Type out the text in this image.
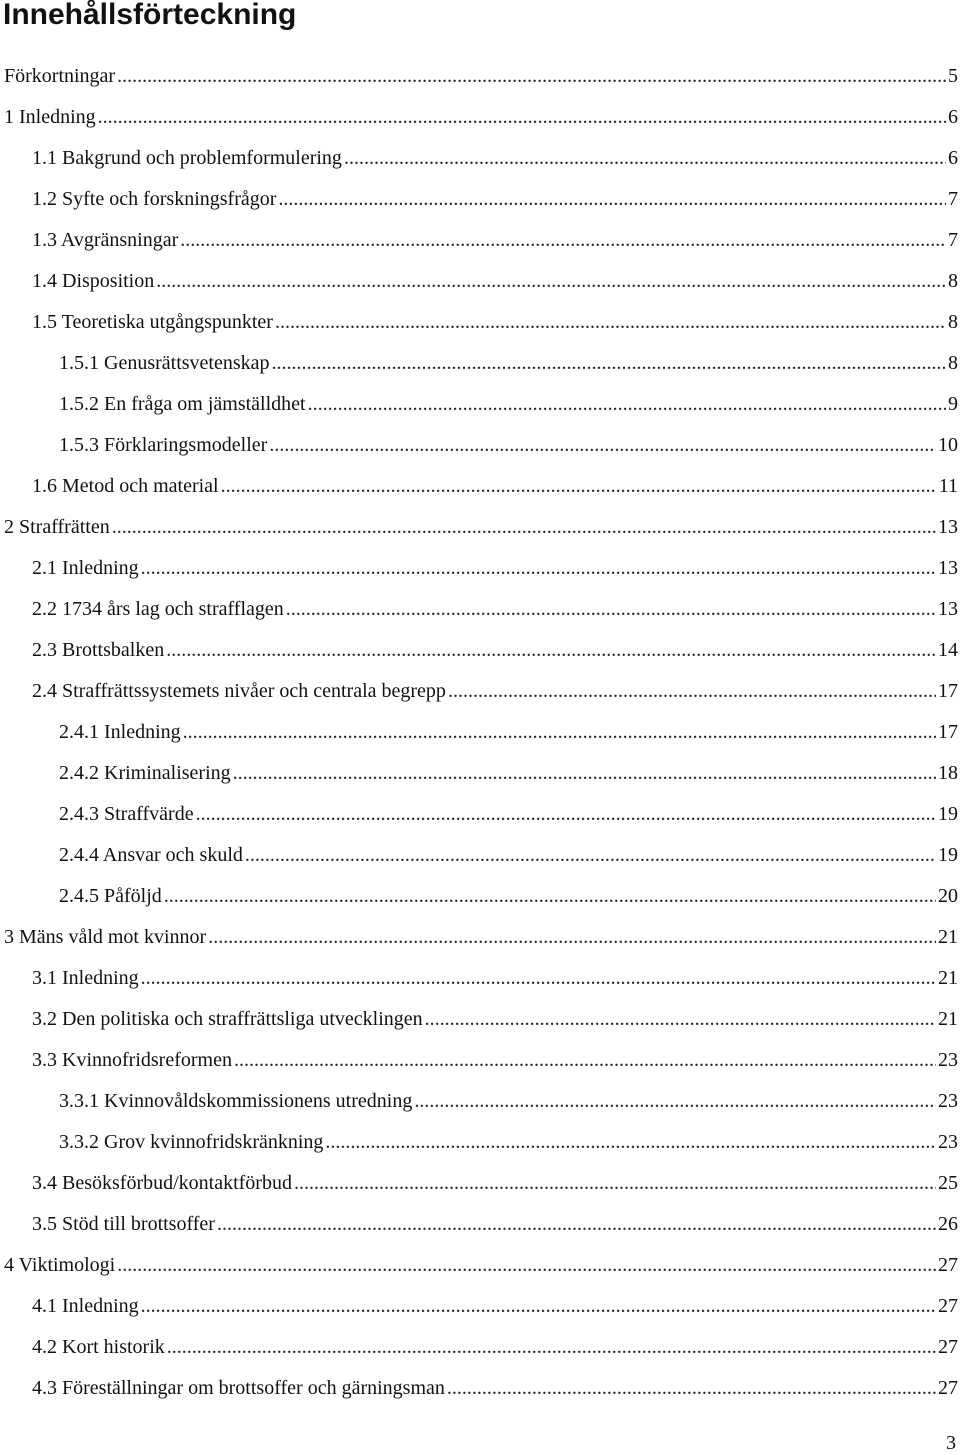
Innehållsförteckning
Förkortningar .....	5
1 Inledning .....	6
1.1 Bakgrund och problemformulering .....	6
1.2 Syfte och forskningsfrågor .....	7
1.3 Avgränsningar .....	7
1.4 Disposition .....	8
1.5 Teoretiska utgångspunkter .....	8
1.5.1 Genusrättsvetenskap .....	8
1.5.2 En fråga om jämställdhet .....	9
1.5.3 Förklaringsmodeller .....	10
1.6 Metod och material .....	11
2 Straffrätten .....	13
2.1 Inledning .....	13
2.2 1734 års lag och strafflagen .....	13
2.3 Brottsbalken .....	14
2.4 Straffrättssystemets nivåer och centrala begrepp .....	17
2.4.1 Inledning .....	17
2.4.2 Kriminalisering .....	18
2.4.3 Straffvärde .....	19
2.4.4 Ansvar och skuld .....	19
2.4.5 Påföljd .....	20
3 Mäns våld mot kvinnor .....	21
3.1 Inledning .....	21
3.2 Den politiska och straffrättsliga utvecklingen .....	21
3.3 Kvinnofridsreformen .....	23
3.3.1 Kvinnovåldskommissionens utredning .....	23
3.3.2 Grov kvinnofridskränkning .....	23
3.4 Besöksförbud/kontaktförbud .....	25
3.5 Stöd till brottsoffer .....	26
4 Viktimologi .....	27
4.1 Inledning .....	27
4.2 Kort historik .....	27
4.3 Föreställningar om brottsoffer och gärningsman .....	27
3
